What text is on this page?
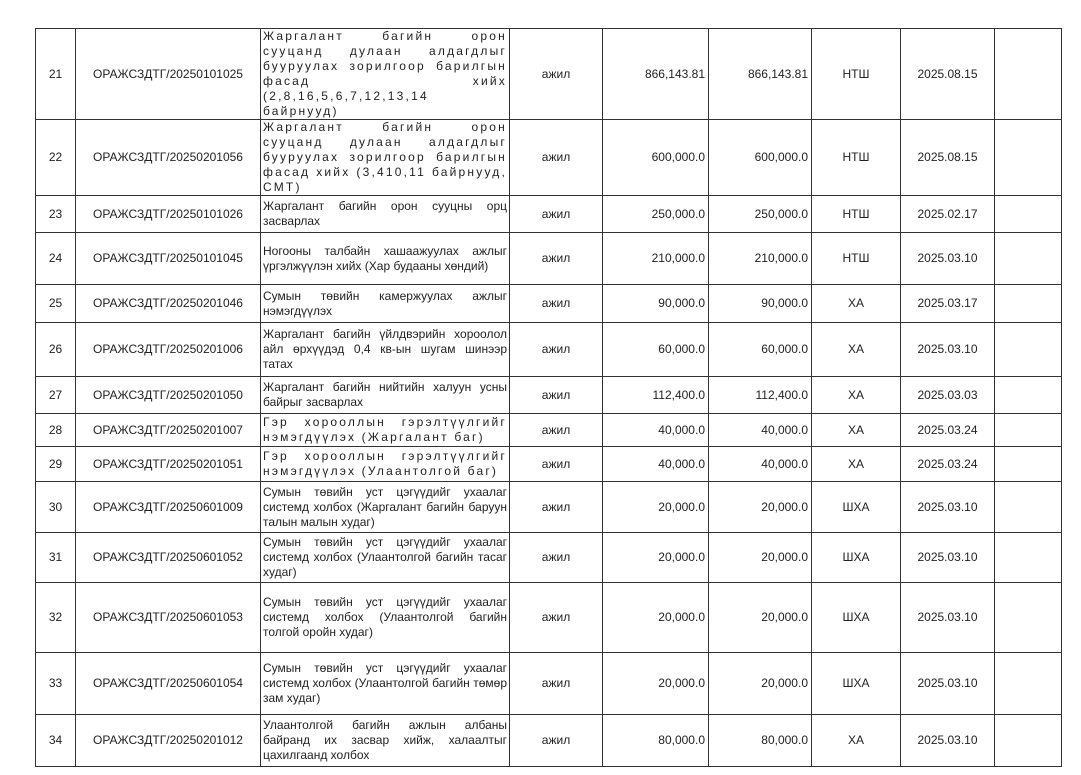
21	ОРАЖСЗДТГ/20250101025	Жаргалант багийн орон сууцанд дулаан алдагдлыг бууруулах зорилгоор барилгын фасад хийх (2,8,16,5,6,7,12,13,14 байрнууд)	ажил	866,143.81	866,143.81	НТШ	2025.08.15	
22	ОРАЖСЗДТГ/20250201056	Жаргалант багийн орон сууцанд дулаан алдагдлыг бууруулах зорилгоор барилгын фасад хийх (3,410,11 байрнууд, СМТ)	ажил	600,000.0	600,000.0	НТШ	2025.08.15	
23	ОРАЖСЗДТГ/20250101026	Жаргалант багийн орон сууцны орц засварлах	ажил	250,000.0	250,000.0	НТШ	2025.02.17	
24	ОРАЖСЗДТГ/20250101045	Ногооны талбайн хашаажуулах ажлыг үргэлжүүлэн хийх (Хар будааны хөндий)	ажил	210,000.0	210,000.0	НТШ	2025.03.10	
25	ОРАЖСЗДТГ/20250201046	Сумын төвийн камержуулах ажлыг нэмэгдүүлэх	ажил	90,000.0	90,000.0	ХА	2025.03.17	
26	ОРАЖСЗДТГ/20250201006	Жаргалант багийн үйлдвэрийн хороолол айл өрхүүдэд 0,4 кв-ын шугам шинээр татах	ажил	60,000.0	60,000.0	ХА	2025.03.10	
27	ОРАЖСЗДТГ/20250201050	Жаргалант багийн нийтийн халуун усны байрыг засварлах	ажил	112,400.0	112,400.0	ХА	2025.03.03	
28	ОРАЖСЗДТГ/20250201007	Гэр хорооллын гэрэлтүүлгийг нэмэгдүүлэх (Жаргалант баг)	ажил	40,000.0	40,000.0	ХА	2025.03.24	
29	ОРАЖСЗДТГ/20250201051	Гэр хорооллын гэрэлтүүлгийг нэмэгдүүлэх (Улаантолгой баг)	ажил	40,000.0	40,000.0	ХА	2025.03.24	
30	ОРАЖСЗДТГ/20250601009	Сумын төвийн уст цэгүүдийг ухаалаг системд холбох (Жаргалант багийн баруун талын малын худаг)	ажил	20,000.0	20,000.0	ШХА	2025.03.10	
31	ОРАЖСЗДТГ/20250601052	Сумын төвийн уст цэгүүдийг ухаалаг системд холбох (Улаантолгой багийн тасаг худаг)	ажил	20,000.0	20,000.0	ШХА	2025.03.10	
32	ОРАЖСЗДТГ/20250601053	Сумын төвийн уст цэгүүдийг ухаалаг системд холбох (Улаантолгой багийн толгой оройн худаг)	ажил	20,000.0	20,000.0	ШХА	2025.03.10	
33	ОРАЖСЗДТГ/20250601054	Сумын төвийн уст цэгүүдийг ухаалаг системд холбох (Улаантолгой багийн төмөр зам худаг)	ажил	20,000.0	20,000.0	ШХА	2025.03.10	
34	ОРАЖСЗДТГ/20250201012	Улаантолгой багийн ажлын албаны байранд их засвар хийж, халаалтыг цахилгаанд холбох	ажил	80,000.0	80,000.0	ХА	2025.03.10	
